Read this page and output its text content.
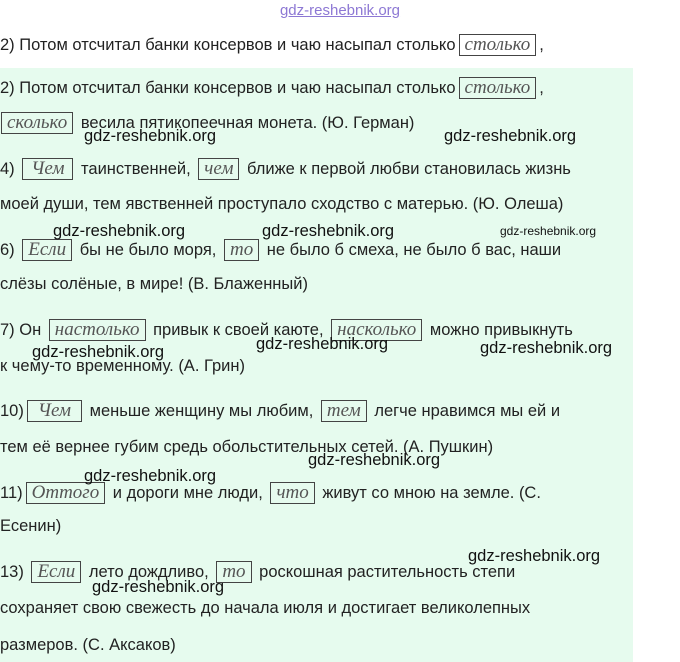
gdz-reshebnik.org
2) Потом отсчитал банки консервов и чаю насыпал столько столько ,
2) Потом отсчитал банки консервов и чаю насыпал столько столько ,
сколько весила пятикопеечная монета. (Ю. Герман)
4) Чем таинственней, чем ближе к первой любви становилась жизнь
моей души, тем явственней проступало сходство с матерью. (Ю. Олеша)
6) Если бы не было моря, то не было б смеха, не было б вас, наши
слёзы солёные, в мире! (В. Блаженный)
7) Он настолько привык к своей каюте, насколько можно привыкнуть
к чему-то временному. (А. Грин)
10) Чем меньше женщину мы любим, тем легче нравимся мы ей и
тем её вернее губим средь обольстительных сетей. (А. Пушкин)
11) Оттого и дороги мне люди, что живут со мною на земле. (С.
Есенин)
13) Если лето дождливо, то роскошная растительность степи
сохраняет свою свежесть до начала июля и достигает великолепных
размеров. (С. Аксаков)
gdz-reshebnik.org	gdz-reshebnik.org
gdz-reshebnik.org	gdz-reshebnik.org	gdz-reshebnik.org
gdz-reshebnik.org	gdz-reshebnik.org	gdz-reshebnik.org
gdz-reshebnik.org
gdz-reshebnik.org
gdz-reshebnik.org
gdz-reshebnik.org
